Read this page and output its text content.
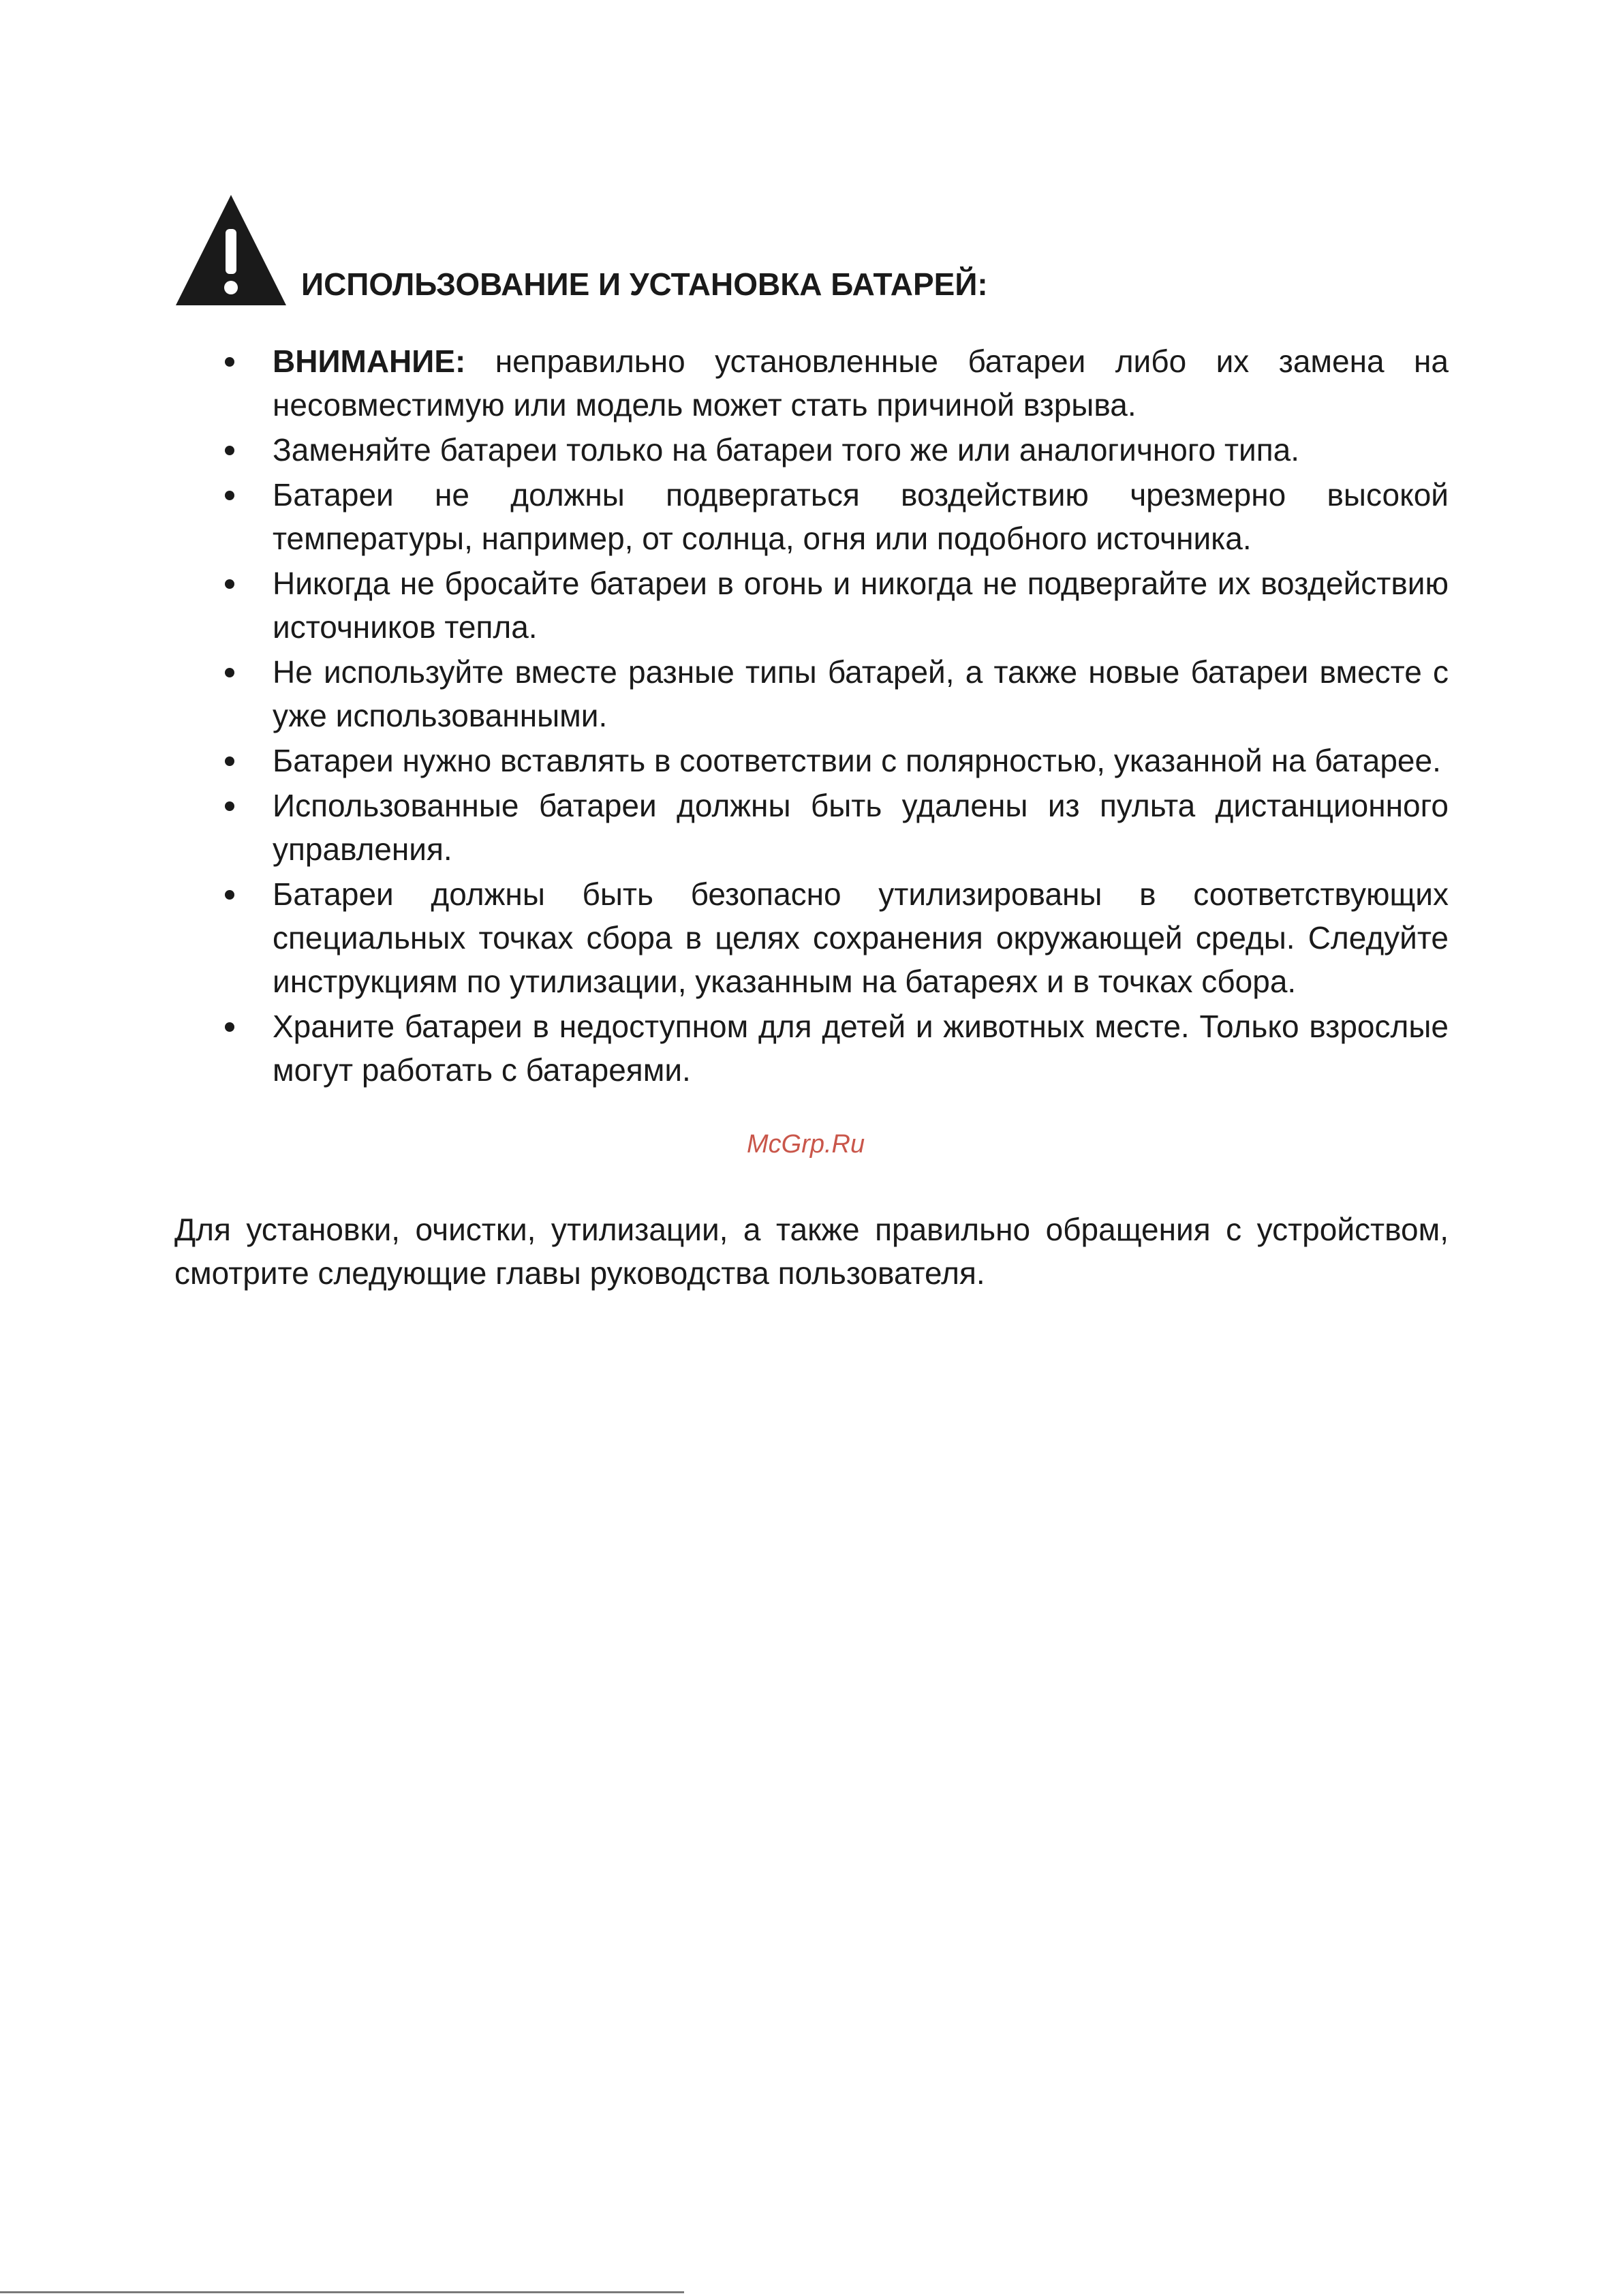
ИСПОЛЬЗОВАНИЕ И УСТАНОВКА БАТАРЕЙ:
ВНИМАНИЕ: неправильно установленные батареи либо их замена на несовместимую или модель может стать причиной взрыва.
Заменяйте батареи только на батареи того же или аналогичного типа.
Батареи не должны подвергаться воздействию чрезмерно высокой температуры, например, от солнца, огня или подобного источника.
Никогда не бросайте батареи в огонь и никогда не подвергайте их воздействию источников тепла.
Не используйте вместе разные типы батарей, а также новые батареи вместе с уже использованными.
Батареи нужно вставлять в соответствии с полярностью, указанной на батарее.
Использованные батареи должны быть удалены из пульта дистанционного управления.
Батареи должны быть безопасно утилизированы в соответствующих специальных точках сбора в целях сохранения окружающей среды. Следуйте инструкциям по утилизации, указанным на батареях и в точках сбора.
Храните батареи в недоступном для детей и животных месте. Только взрослые могут работать с батареями.

Для установки, очистки, утилизации, а также правильно обращения с устройством, смотрите следующие главы руководства пользователя.

McGrp.Ru
